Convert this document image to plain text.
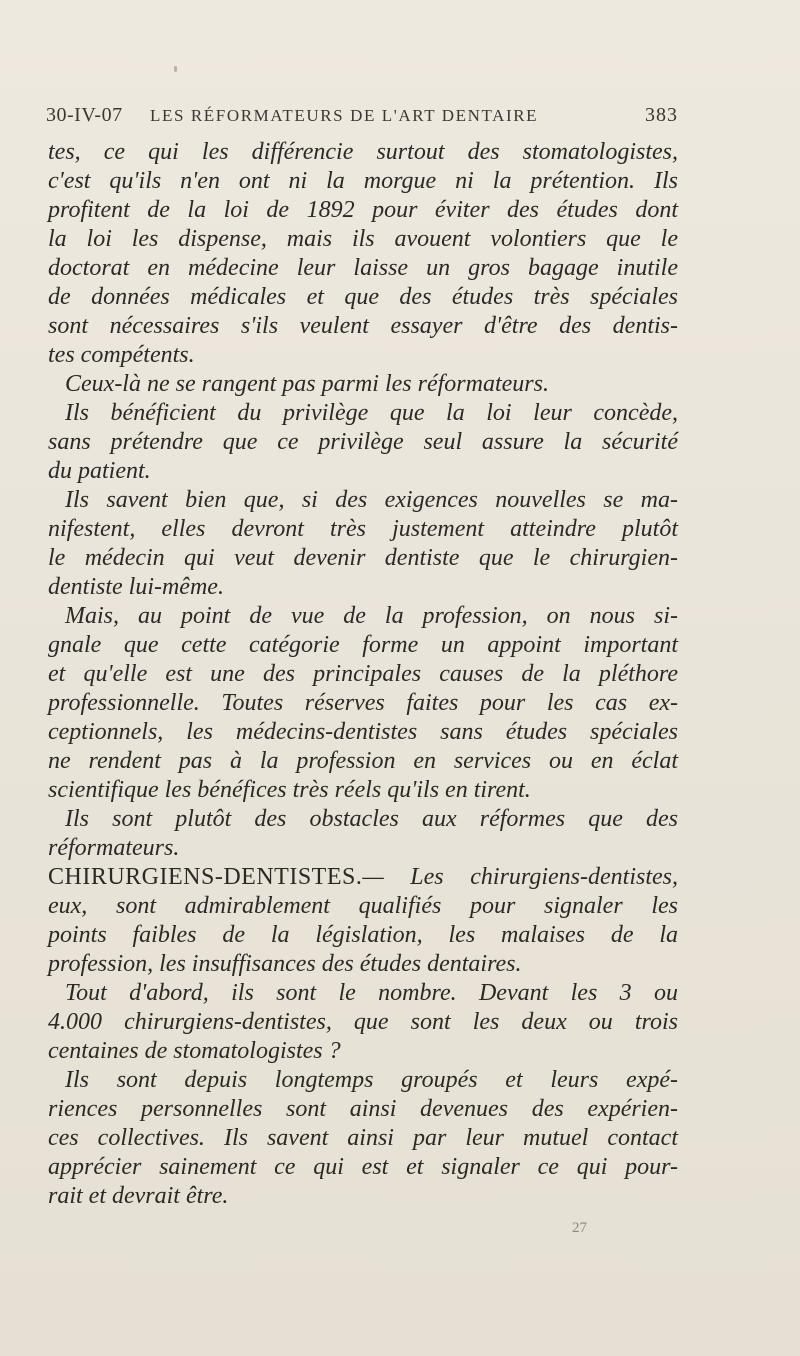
30-IV-07 LES RÉFORMATEURS DE L'ART DENTAIRE	383
tes, ce qui les différencie surtout des stomatologistes,
c'est qu'ils n'en ont ni la morgue ni la prétention. Ils
profitent de la loi de 1892 pour éviter des études dont
la loi les dispense, mais ils avouent volontiers que le
doctorat en médecine leur laisse un gros bagage inutile
de données médicales et que des études très spéciales
sont nécessaires s'ils veulent essayer d'être des dentis-
tes compétents.
Ceux-là ne se rangent pas parmi les réformateurs.
Ils bénéficient du privilège que la loi leur concède,
sans prétendre que ce privilège seul assure la sécurité
du patient.
Ils savent bien que, si des exigences nouvelles se ma-
nifestent, elles devront très justement atteindre plutôt
le médecin qui veut devenir dentiste que le chirurgien-
dentiste lui-même.
Mais, au point de vue de la profession, on nous si-
gnale que cette catégorie forme un appoint important
et qu'elle est une des principales causes de la pléthore
professionnelle. Toutes réserves faites pour les cas ex-
ceptionnels, les médecins-dentistes sans études spéciales
ne rendent pas à la profession en services ou en éclat
scientifique les bénéfices très réels qu'ils en tirent.
Ils sont plutôt des obstacles aux réformes que des
réformateurs.
CHIRURGIENS-DENTISTES.— Les chirurgiens-dentistes,
eux, sont admirablement qualifiés pour signaler les
points faibles de la législation, les malaises de la
profession, les insuffisances des études dentaires.
Tout d'abord, ils sont le nombre. Devant les 3 ou
4.000 chirurgiens-dentistes, que sont les deux ou trois
centaines de stomatologistes ?
Ils sont depuis longtemps groupés et leurs expé-
riences personnelles sont ainsi devenues des expérien-
ces collectives. Ils savent ainsi par leur mutuel contact
apprécier sainement ce qui est et signaler ce qui pour-
rait et devrait être.
27
